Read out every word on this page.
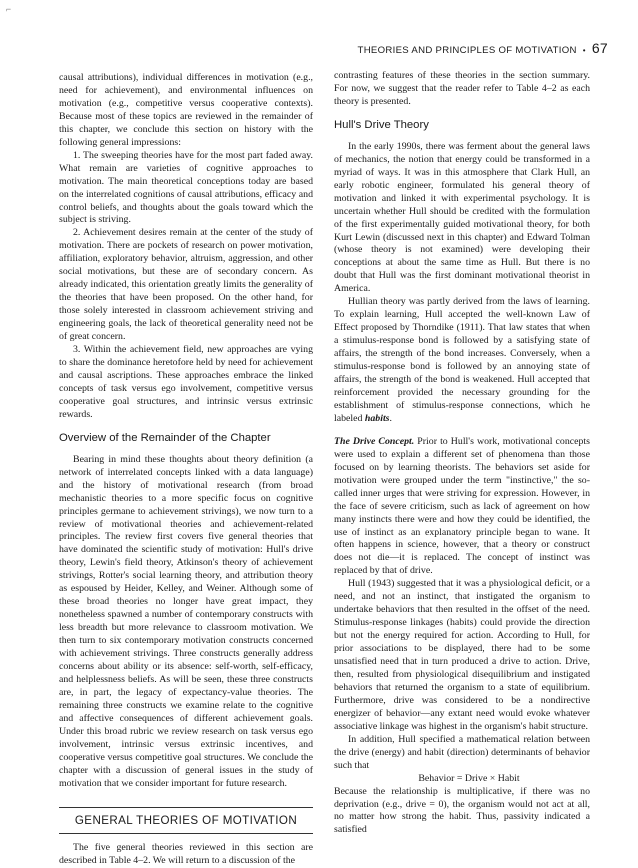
⌐
THEORIES AND PRINCIPLES OF MOTIVATION • 67

causal attributions), individual differences in motivation (e.g., need for achievement), and environmental influences on motivation (e.g., competitive versus cooperative contexts). Because most of these topics are reviewed in the remainder of this chapter, we conclude this section on history with the following general impressions:

1. The sweeping theories have for the most part faded away. What remain are varieties of cognitive approaches to motivation. The main theoretical conceptions today are based on the interrelated cognitions of causal attributions, efficacy and control beliefs, and thoughts about the goals toward which the subject is striving.

2. Achievement desires remain at the center of the study of motivation. There are pockets of research on power motivation, affiliation, exploratory behavior, altruism, aggression, and other social motivations, but these are of secondary concern. As already indicated, this orientation greatly limits the generality of the theories that have been proposed. On the other hand, for those solely interested in classroom achievement striving and engineering goals, the lack of theoretical generality need not be of great concern.

3. Within the achievement field, new approaches are vying to share the dominance heretofore held by need for achievement and causal ascriptions. These approaches embrace the linked concepts of task versus ego involvement, competitive versus cooperative goal structures, and intrinsic versus extrinsic rewards.

Overview of the Remainder of the Chapter

Bearing in mind these thoughts about theory definition (a network of interrelated concepts linked with a data language) and the history of motivational research (from broad mechanistic theories to a more specific focus on cognitive principles germane to achievement strivings), we now turn to a review of motivational theories and achievement-related principles. The review first covers five general theories that have dominated the scientific study of motivation: Hull's drive theory, Lewin's field theory, Atkinson's theory of achievement strivings, Rotter's social learning theory, and attribution theory as espoused by Heider, Kelley, and Weiner. Although some of these broad theories no longer have great impact, they nonetheless spawned a number of contemporary constructs with less breadth but more relevance to classroom motivation. We then turn to six contemporary motivation constructs concerned with achievement strivings. Three constructs generally address concerns about ability or its absence: self-worth, self-efficacy, and helplessness beliefs. As will be seen, these three constructs are, in part, the legacy of expectancy-value theories. The remaining three constructs we examine relate to the cognitive and affective consequences of different achievement goals. Under this broad rubric we review research on task versus ego involvement, intrinsic versus extrinsic incentives, and cooperative versus competitive goal structures. We conclude the chapter with a discussion of general issues in the study of motivation that we consider important for future research.

GENERAL THEORIES OF MOTIVATION

The five general theories reviewed in this section are described in Table 4–2. We will return to a discussion of the

contrasting features of these theories in the section summary. For now, we suggest that the reader refer to Table 4–2 as each theory is presented.

Hull's Drive Theory

In the early 1990s, there was ferment about the general laws of mechanics, the notion that energy could be transformed in a myriad of ways. It was in this atmosphere that Clark Hull, an early robotic engineer, formulated his general theory of motivation and linked it with experimental psychology. It is uncertain whether Hull should be credited with the formulation of the first experimentally guided motivational theory, for both Kurt Lewin (discussed next in this chapter) and Edward Tolman (whose theory is not examined) were developing their conceptions at about the same time as Hull. But there is no doubt that Hull was the first dominant motivational theorist in America.

Hullian theory was partly derived from the laws of learning. To explain learning, Hull accepted the well-known Law of Effect proposed by Thorndike (1911). That law states that when a stimulus-response bond is followed by a satisfying state of affairs, the strength of the bond increases. Conversely, when a stimulus-response bond is followed by an annoying state of affairs, the strength of the bond is weakened. Hull accepted that reinforcement provided the necessary grounding for the establishment of stimulus-response connections, which he labeled habits.

The Drive Concept. Prior to Hull's work, motivational concepts were used to explain a different set of phenomena than those focused on by learning theorists. The behaviors set aside for motivation were grouped under the term "instinctive," the so-called inner urges that were striving for expression. However, in the face of severe criticism, such as lack of agreement on how many instincts there were and how they could be identified, the use of instinct as an explanatory principle began to wane. It often happens in science, however, that a theory or construct does not die—it is replaced. The concept of instinct was replaced by that of drive.

Hull (1943) suggested that it was a physiological deficit, or a need, and not an instinct, that instigated the organism to undertake behaviors that then resulted in the offset of the need. Stimulus-response linkages (habits) could provide the direction but not the energy required for action. According to Hull, for prior associations to be displayed, there had to be some unsatisfied need that in turn produced a drive to action. Drive, then, resulted from physiological disequilibrium and instigated behaviors that returned the organism to a state of equilibrium. Furthermore, drive was considered to be a nondirective energizer of behavior—any extant need would evoke whatever associative linkage was highest in the organism's habit structure.

In addition, Hull specified a mathematical relation between the drive (energy) and habit (direction) determinants of behavior such that

Behavior = Drive × Habit

Because the relationship is multiplicative, if there was no deprivation (e.g., drive = 0), the organism would not act at all, no matter how strong the habit. Thus, passivity indicated a satisfied
